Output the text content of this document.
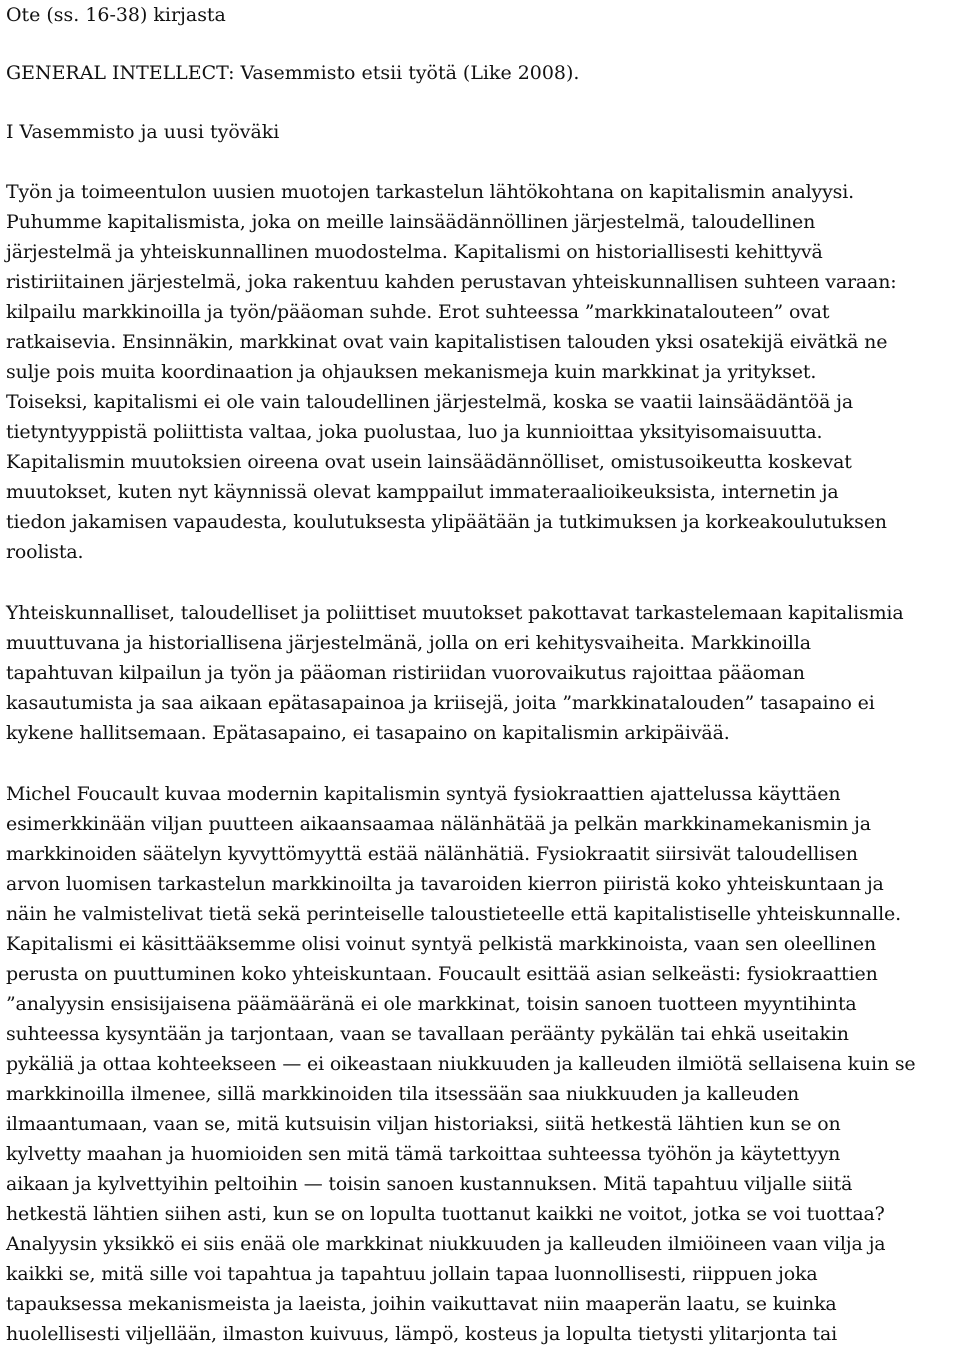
Ote (ss. 16-38) kirjasta
GENERAL INTELLECT: Vasemmisto etsii työtä (Like 2008).
I Vasemmisto ja uusi työväki
Työn ja toimeentulon uusien muotojen tarkastelun lähtökohtana on kapitalismin analyysi.
Puhumme kapitalismista, joka on meille lainsäädännöllinen järjestelmä, taloudellinen
järjestelmä ja yhteiskunnallinen muodostelma. Kapitalismi on historiallisesti kehittyvä
ristiriitainen järjestelmä, joka rakentuu kahden perustavan yhteiskunnallisen suhteen varaan:
kilpailu markkinoilla ja työn/pääoman suhde. Erot suhteessa ”markkinatalouteen” ovat
ratkaisevia. Ensinnäkin, markkinat ovat vain kapitalistisen talouden yksi osatekijä eivätkä ne
sulje pois muita koordinaation ja ohjauksen mekanismeja kuin markkinat ja yritykset.
Toiseksi, kapitalismi ei ole vain taloudellinen järjestelmä, koska se vaatii lainsäädäntöä ja
tietyntyyppistä poliittista valtaa, joka puolustaa, luo ja kunnioittaa yksityisomaisuutta.
Kapitalismin muutoksien oireena ovat usein lainsäädännölliset, omistusoikeutta koskevat
muutokset, kuten nyt käynnissä olevat kamppailut immateraalioikeuksista, internetin ja
tiedon jakamisen vapaudesta, koulutuksesta ylipäätään ja tutkimuksen ja korkeakoulutuksen
roolista.
Yhteiskunnalliset, taloudelliset ja poliittiset muutokset pakottavat tarkastelemaan kapitalismia
muuttuvana ja historiallisena järjestelmänä, jolla on eri kehitysvaiheita. Markkinoilla
tapahtuvan kilpailun ja työn ja pääoman ristiriidan vuorovaikutus rajoittaa pääoman
kasautumista ja saa aikaan epätasapainoa ja kriisejä, joita ”markkinatalouden” tasapaino ei
kykene hallitsemaan. Epätasapaino, ei tasapaino on kapitalismin arkipäivää.
Michel Foucault kuvaa modernin kapitalismin syntyä fysiokraattien ajattelussa käyttäen
esimerkkinään viljan puutteen aikaansaamaa nälänhätää ja pelkän markkinamekanismin ja
markkinoiden säätelyn kyvyttömyyttä estää nälänhätiä. Fysiokraatit siirsivät taloudellisen
arvon luomisen tarkastelun markkinoilta ja tavaroiden kierron piiristä koko yhteiskuntaan ja
näin he valmistelivat tietä sekä perinteiselle taloustieteelle että kapitalistiselle yhteiskunnalle.
Kapitalismi ei käsittääksemme olisi voinut syntyä pelkistä markkinoista, vaan sen oleellinen
perusta on puuttuminen koko yhteiskuntaan. Foucault esittää asian selkeästi: fysiokraattien
”analyysin ensisijaisena päämääränä ei ole markkinat, toisin sanoen tuotteen myyntihinta
suhteessa kysyntään ja tarjontaan, vaan se tavallaan peräänty pykälän tai ehkä useitakin
pykäliä ja ottaa kohteekseen — ei oikeastaan niukkuuden ja kalleuden ilmiötä sellaisena kuin se
markkinoilla ilmenee, sillä markkinoiden tila itsessään saa niukkuuden ja kalleuden
ilmaantumaan, vaan se, mitä kutsuisin viljan historiaksi, siitä hetkestä lähtien kun se on
kylvetty maahan ja huomioiden sen mitä tämä tarkoittaa suhteessa työhön ja käytettyyn
aikaan ja kylvettyihin peltoihin — toisin sanoen kustannuksen. Mitä tapahtuu viljalle siitä
hetkestä lähtien siihen asti, kun se on lopulta tuottanut kaikki ne voitot, jotka se voi tuottaa?
Analyysin yksikkö ei siis enää ole markkinat niukkuuden ja kalleuden ilmiöineen vaan vilja ja
kaikki se, mitä sille voi tapahtua ja tapahtuu jollain tapaa luonnollisesti, riippuen joka
tapauksessa mekanismeista ja laeista, joihin vaikuttavat niin maaperän laatu, se kuinka
huolellisesti viljellään, ilmaston kuivuus, lämpö, kosteus ja lopulta tietysti ylitarjonta tai
